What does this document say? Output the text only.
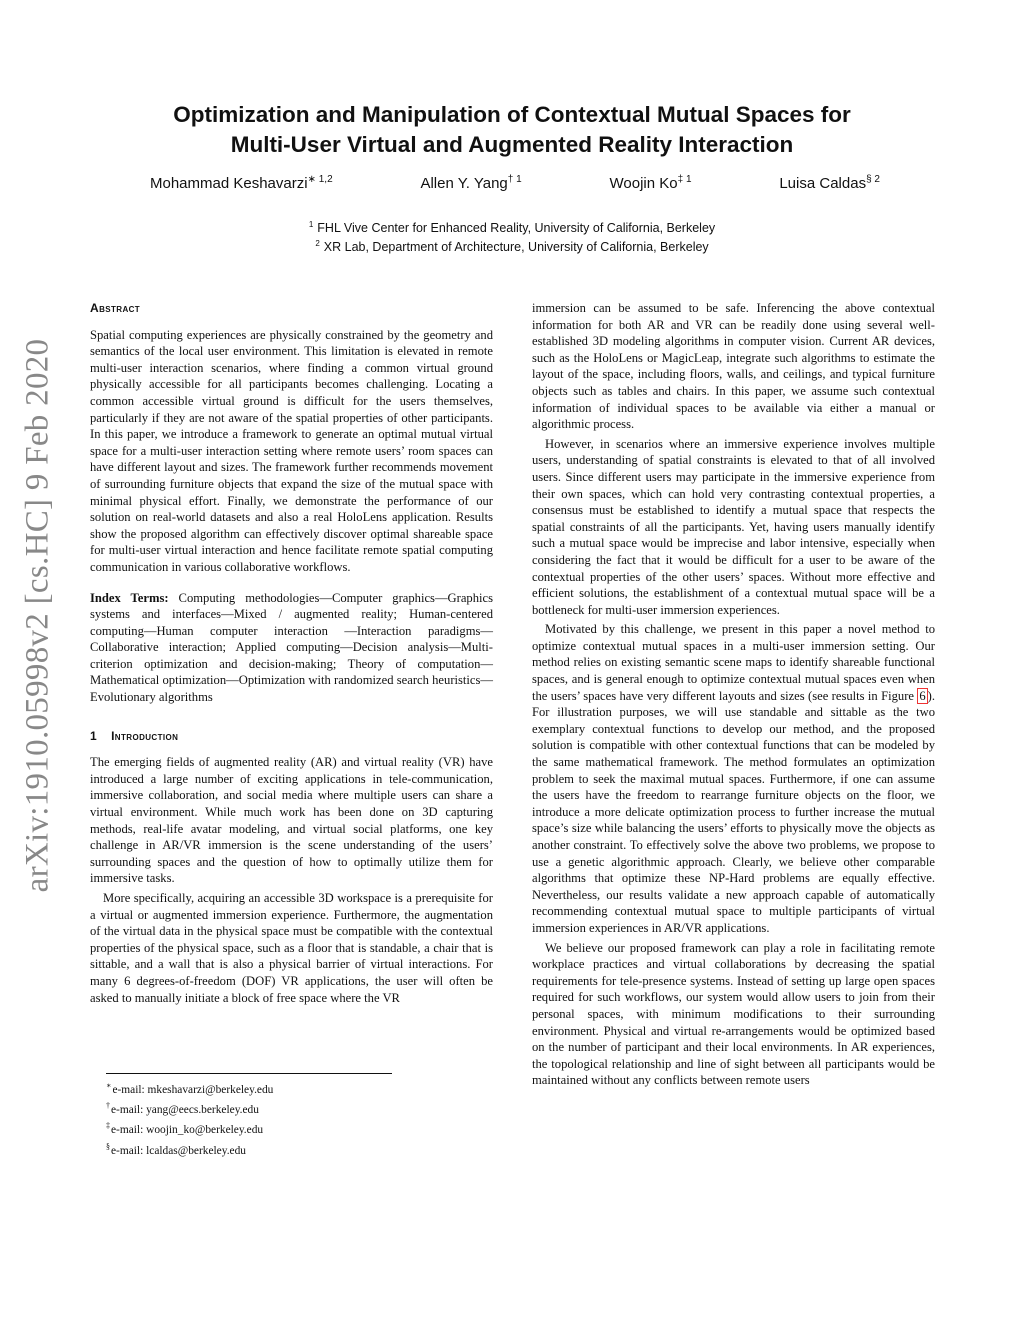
arXiv:1910.05998v2 [cs.HC] 9 Feb 2020
Optimization and Manipulation of Contextual Mutual Spaces for
Multi-User Virtual and Augmented Reality Interaction
Mohammad Keshavarzi$^{∗ 1,2}$	Allen Y. Yang$^{\dagger 1}$	Woojin Ko$^{\ddagger 1}$	Luisa Caldas$^{\S 2}$
$^1$ FHL Vive Center for Enhanced Reality, University of California, Berkeley
$^2$ XR Lab, Department of Architecture, University of California, Berkeley
Abstract

Spatial computing experiences are physically constrained by the geometry and semantics of the local user environment. This limitation is elevated in remote multi-user interaction scenarios, where finding a common virtual ground physically accessible for all participants becomes challenging. Locating a common accessible virtual ground is difficult for the users themselves, particularly if they are not aware of the spatial properties of other participants. In this paper, we introduce a framework to generate an optimal mutual virtual space for a multi-user interaction setting where remote users’ room spaces can have different layout and sizes. The framework further recommends movement of surrounding furniture objects that expand the size of the mutual space with minimal physical effort. Finally, we demonstrate the performance of our solution on real-world datasets and also a real HoloLens application. Results show the proposed algorithm can effectively discover optimal shareable space for multi-user virtual interaction and hence facilitate remote spatial computing communication in various collaborative workflows.

Index Terms: Computing methodologies—Computer graphics—Graphics systems and interfaces—Mixed / augmented reality; Human-centered computing—Human computer interaction —Interaction paradigms—Collaborative interaction; Applied computing—Decision analysis—Multi-criterion optimization and decision-making; Theory of computation—Mathematical optimization—Optimization with randomized search heuristics—Evolutionary algorithms

1 Introduction

The emerging fields of augmented reality (AR) and virtual reality (VR) have introduced a large number of exciting applications in tele-communication, immersive collaboration, and social media where multiple users can share a virtual environment. While much work has been done on 3D capturing methods, real-life avatar modeling, and virtual social platforms, one key challenge in AR/VR immersion is the scene understanding of the users’ surrounding spaces and the question of how to optimally utilize them for immersive tasks.

More specifically, acquiring an accessible 3D workspace is a prerequisite for a virtual or augmented immersion experience. Furthermore, the augmentation of the virtual data in the physical space must be compatible with the contextual properties of the physical space, such as a floor that is standable, a chair that is sittable, and a wall that is also a physical barrier of virtual interactions. For many 6 degrees-of-freedom (DOF) VR applications, the user will often be asked to manually initiate a block of free space where the VR

∗e-mail: mkeshavarzi@berkeley.edu
†e-mail: yang@eecs.berkeley.edu
‡e-mail: woojin_ko@berkeley.edu
§e-mail: lcaldas@berkeley.edu

immersion can be assumed to be safe. Inferencing the above contextual information for both AR and VR can be readily done using several well-established 3D modeling algorithms in computer vision. Current AR devices, such as the HoloLens or MagicLeap, integrate such algorithms to estimate the layout of the space, including floors, walls, and ceilings, and typical furniture objects such as tables and chairs. In this paper, we assume such contextual information of individual spaces to be available via either a manual or algorithmic process.

However, in scenarios where an immersive experience involves multiple users, understanding of spatial constraints is elevated to that of all involved users. Since different users may participate in the immersive experience from their own spaces, which can hold very contrasting contextual properties, a consensus must be established to identify a mutual space that respects the spatial constraints of all the participants. Yet, having users manually identify such a mutual space would be imprecise and labor intensive, especially when considering the fact that it would be difficult for a user to be aware of the contextual properties of the other users’ spaces. Without more effective and efficient solutions, the establishment of a contextual mutual space will be a bottleneck for multi-user immersion experiences.

Motivated by this challenge, we present in this paper a novel method to optimize contextual mutual spaces in a multi-user immersion setting. Our method relies on existing semantic scene maps to identify shareable functional spaces, and is general enough to optimize contextual mutual spaces even when the users’ spaces have very different layouts and sizes (see results in Figure 6 ). For illustration purposes, we will use standable and sittable as the two exemplary contextual functions to develop our method, and the proposed solution is compatible with other contextual functions that can be modeled by the same mathematical framework. The method formulates an optimization problem to seek the maximal mutual spaces. Furthermore, if one can assume the users have the freedom to rearrange furniture objects on the floor, we introduce a more delicate optimization process to further increase the mutual space’s size while balancing the users’ efforts to physically move the objects as another constraint. To effectively solve the above two problems, we propose to use a genetic algorithmic approach. Clearly, we believe other comparable algorithms that optimize these NP-Hard problems are equally effective. Nevertheless, our results validate a new approach capable of automatically recommending contextual mutual space to multiple participants of virtual immersion experiences in AR/VR applications.

We believe our proposed framework can play a role in facilitating remote workplace practices and virtual collaborations by decreasing the spatial requirements for tele-presence systems. Instead of setting up large open spaces required for such workflows, our system would allow users to join from their personal spaces, with minimum modifications to their surrounding environment. Physical and virtual re-arrangements would be optimized based on the number of participant and their local environments. In AR experiences, the topological relationship and line of sight between all participants would be maintained without any conflicts between remote users
